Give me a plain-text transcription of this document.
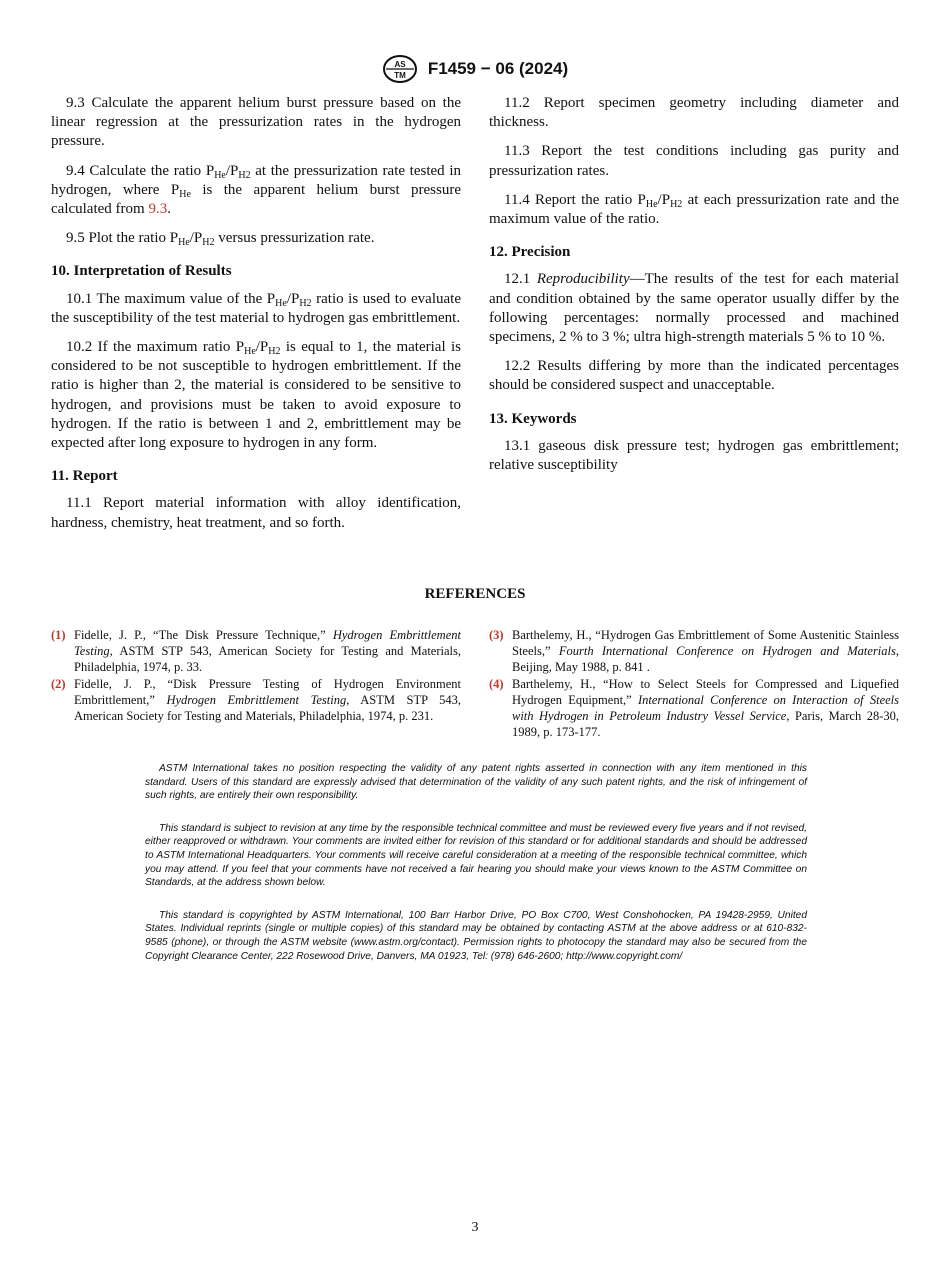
AS
TM F1459 − 06 (2024)

9.3 Calculate the apparent helium burst pressure based on the linear regression at the pressurization rates in the hydrogen pressure.

9.4 Calculate the ratio $P_{He}/P_{H2}$ at the pressurization rate tested in hydrogen, where $P_{He}$ is the apparent helium burst pressure calculated from 9.3.

9.5 Plot the ratio $P_{He}/P_{H2}$ versus pressurization rate.

10. Interpretation of Results

10.1 The maximum value of the $P_{He}/P_{H2}$ ratio is used to evaluate the susceptibility of the test material to hydrogen gas embrittlement.

10.2 If the maximum ratio $P_{He}/P_{H2}$ is equal to 1, the material is considered to be not susceptible to hydrogen embrittlement. If the ratio is higher than 2, the material is considered to be sensitive to hydrogen, and provisions must be taken to avoid exposure to hydrogen. If the ratio is between 1 and 2, embrittlement may be expected after long exposure to hydrogen in any form.

11. Report

11.1 Report material information with alloy identification, hardness, chemistry, heat treatment, and so forth.

11.2 Report specimen geometry including diameter and thickness.

11.3 Report the test conditions including gas purity and pressurization rates.

11.4 Report the ratio $P_{He}/P_{H2}$ at each pressurization rate and the maximum value of the ratio.

12. Precision

12.1 Reproducibility—The results of the test for each material and condition obtained by the same operator usually differ by the following percentages: normally processed and machined specimens, 2 % to 3 %; ultra high-strength materials 5 % to 10 %.

12.2 Results differing by more than the indicated percentages should be considered suspect and unacceptable.

13. Keywords

13.1 gaseous disk pressure test; hydrogen gas embrittlement; relative susceptibility

REFERENCES
(1) Fidelle, J. P., “The Disk Pressure Technique,” Hydrogen Embrittlement Testing, ASTM STP 543, American Society for Testing and Materials, Philadelphia, 1974, p. 33.
(2) Fidelle, J. P., “Disk Pressure Testing of Hydrogen Environment Embrittlement,” Hydrogen Embrittlement Testing, ASTM STP 543, American Society for Testing and Materials, Philadelphia, 1974, p. 231.
(3) Barthelemy, H., “Hydrogen Gas Embrittlement of Some Austenitic Stainless Steels,” Fourth International Conference on Hydrogen and Materials, Beijing, May 1988, p. 841 .
(4) Barthelemy, H., “How to Select Steels for Compressed and Liquefied Hydrogen Equipment,” International Conference on Interaction of Steels with Hydrogen in Petroleum Industry Vessel Service, Paris, March 28-30, 1989, p. 173-177.

ASTM International takes no position respecting the validity of any patent rights asserted in connection with any item mentioned in this standard. Users of this standard are expressly advised that determination of the validity of any such patent rights, and the risk of infringement of such rights, are entirely their own responsibility.

This standard is subject to revision at any time by the responsible technical committee and must be reviewed every five years and if not revised, either reapproved or withdrawn. Your comments are invited either for revision of this standard or for additional standards and should be addressed to ASTM International Headquarters. Your comments will receive careful consideration at a meeting of the responsible technical committee, which you may attend. If you feel that your comments have not received a fair hearing you should make your views known to the ASTM Committee on Standards, at the address shown below.

This standard is copyrighted by ASTM International, 100 Barr Harbor Drive, PO Box C700, West Conshohocken, PA 19428-2959, United States. Individual reprints (single or multiple copies) of this standard may be obtained by contacting ASTM at the above address or at 610-832-9585 (phone), or through the ASTM website (www.astm.org/contact). Permission rights to photocopy the standard may also be secured from the Copyright Clearance Center, 222 Rosewood Drive, Danvers, MA 01923, Tel: (978) 646-2600; http://www.copyright.com/

3
